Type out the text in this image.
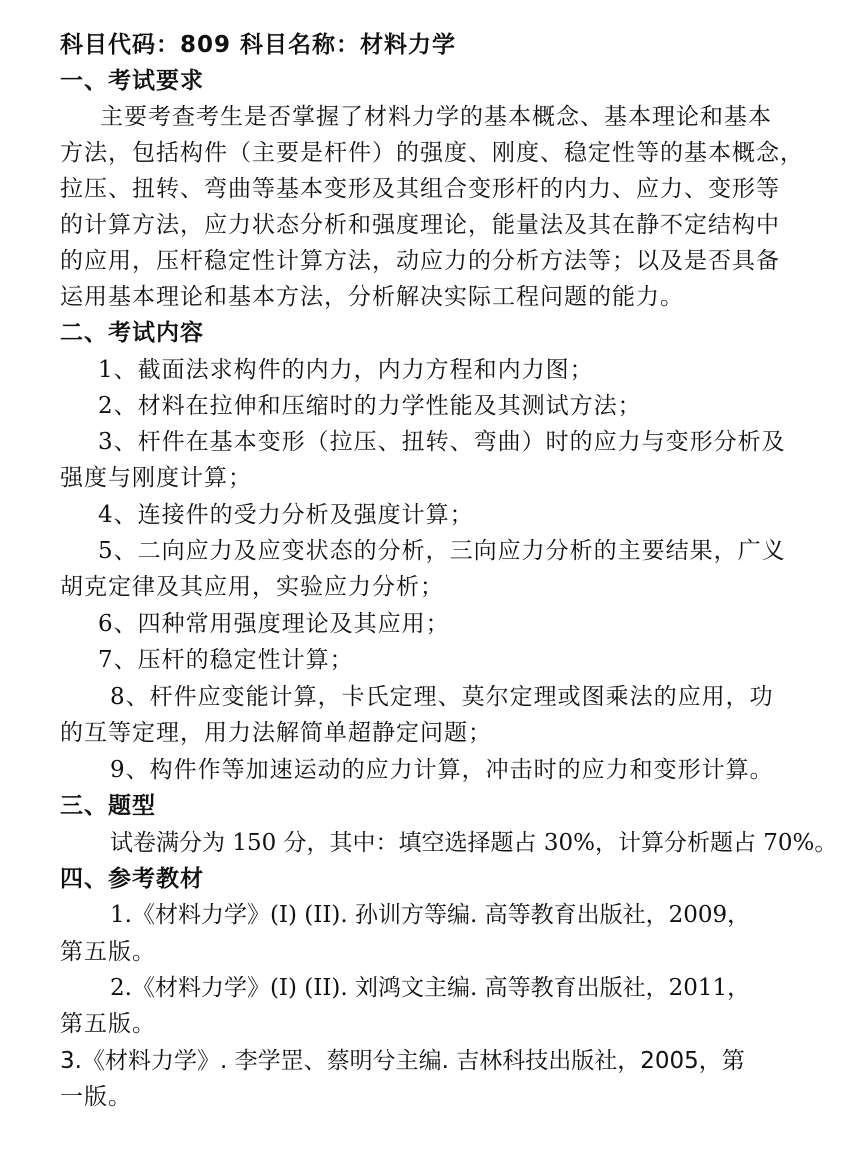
科目代码：809 科目名称：材料力学
一、考试要求
主要考查考生是否掌握了材料力学的基本概念、基本理论和基本
方法，包括构件（主要是杆件）的强度、刚度、稳定性等的基本概念，
拉压、扭转、弯曲等基本变形及其组合变形杆的内力、应力、变形等
的计算方法，应力状态分析和强度理论，能量法及其在静不定结构中
的应用，压杆稳定性计算方法，动应力的分析方法等；以及是否具备
运用基本理论和基本方法，分析解决实际工程问题的能力。
二、考试内容
1、截面法求构件的内力，内力方程和内力图；
2、材料在拉伸和压缩时的力学性能及其测试方法；
3、杆件在基本变形（拉压、扭转、弯曲）时的应力与变形分析及
强度与刚度计算；
4、连接件的受力分析及强度计算；
5、二向应力及应变状态的分析，三向应力分析的主要结果，广义
胡克定律及其应用，实验应力分析；
6、四种常用强度理论及其应用；
7、压杆的稳定性计算；
8、杆件应变能计算，卡氏定理、莫尔定理或图乘法的应用，功
的互等定理，用力法解简单超静定问题；
9、构件作等加速运动的应力计算，冲击时的应力和变形计算。
三、题型
试卷满分为 150 分，其中：填空选择题占 30%，计算分析题占 70%。
四、参考教材
1.《材料力学》(I) (II). 孙训方等编. 高等教育出版社，2009，
第五版。
2.《材料力学》(I) (II). 刘鸿文主编. 高等教育出版社，2011，
第五版。
3.《材料力学》. 李学罡、蔡明兮主编. 吉林科技出版社，2005，第
一版。
